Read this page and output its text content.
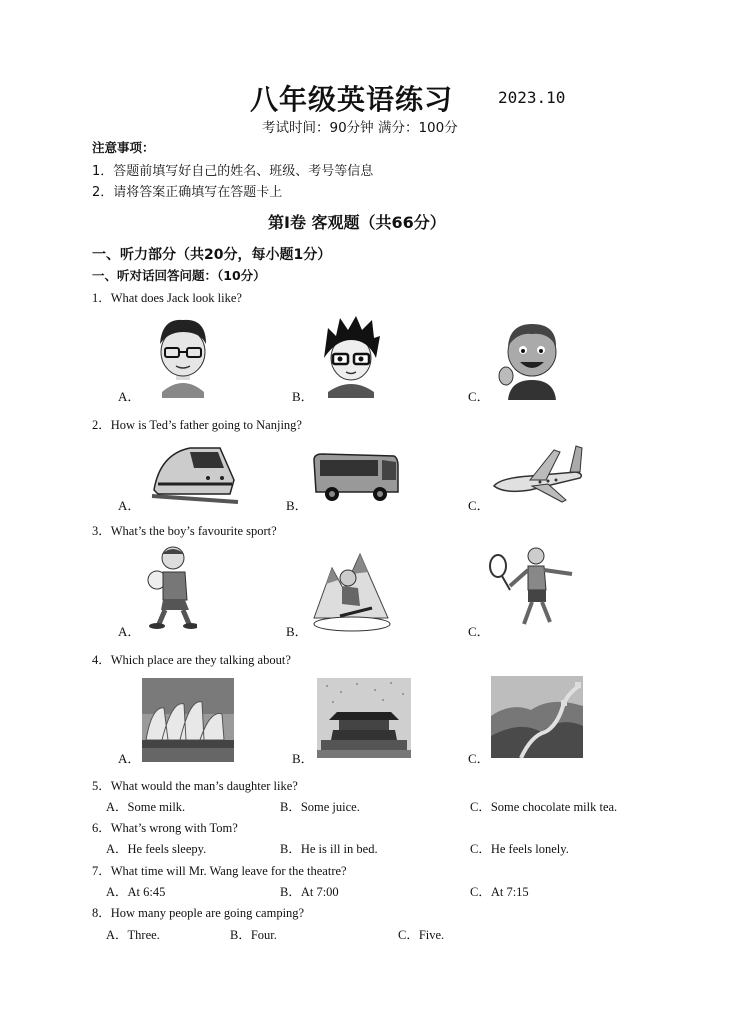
八年级英语练习	2023.10
考试时间：90分钟 满分：100分
注意事项：
1．答题前填写好自己的姓名、班级、考号等信息
2．请将答案正确填写在答题卡上
第Ⅰ卷 客观题（共66分）
一、听力部分（共20分，每小题1分）
一、听对话回答问题：（10分）
1．What does Jack look like?
A．	B．	C．
2．How is Ted’s father going to Nanjing?
A．	B．	C．
3．What’s the boy’s favourite sport?
A．	B．	C．
4．Which place are they talking about?
A．	B．	C．
5．What would the man’s daughter like?
A．Some milk.	B．Some juice.	C．Some chocolate milk tea.
6．What’s wrong with Tom?
A．He feels sleepy.	B．He is ill in bed.	C．He feels lonely.
7．What time will Mr. Wang leave for the theatre?
A．At 6:45	B．At 7:00	C．At 7:15
8．How many people are going camping?
A．Three.	B．Four.	C．Five.
